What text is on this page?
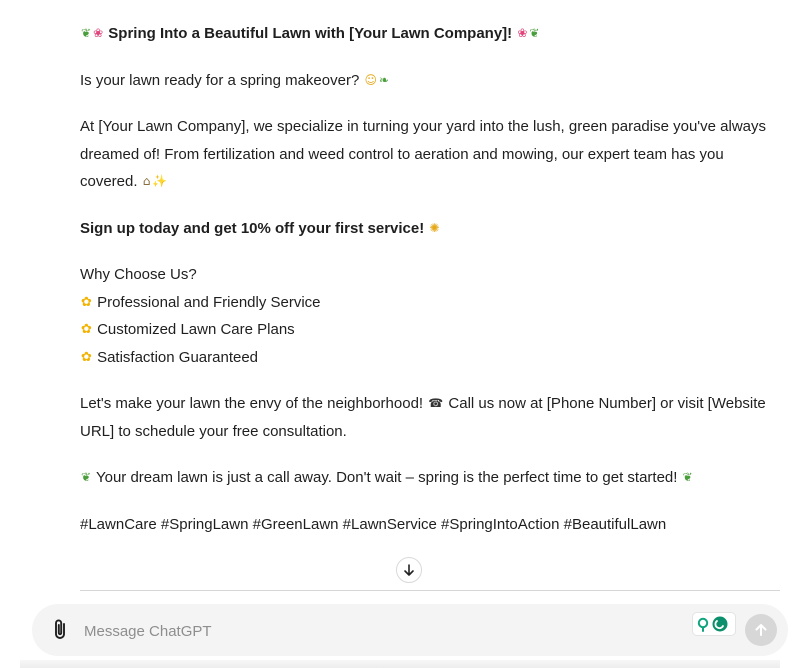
❦ ❀ Spring Into a Beautiful Lawn with [Your Lawn Company]! ❀ ❦

Is your lawn ready for a spring makeover? ☺ ❧

At [Your Lawn Company], we specialize in turning your yard into the lush, green paradise you've always dreamed of! From fertilization and weed control to aeration and mowing, our expert team has you covered. ⌂ ✨

Sign up today and get 10% off your first service! ✺

Why Choose Us?
✿ Professional and Friendly Service
✿ Customized Lawn Care Plans
✿ Satisfaction Guaranteed

Let's make your lawn the envy of the neighborhood! ☎ Call us now at [Phone Number] or visit [Website URL] to schedule your free consultation.

❦ Your dream lawn is just a call away. Don't wait – spring is the perfect time to get started! ❦

#LawnCare #SpringLawn #GreenLawn #LawnService #SpringIntoAction #BeautifulLawn

Message ChatGPT
